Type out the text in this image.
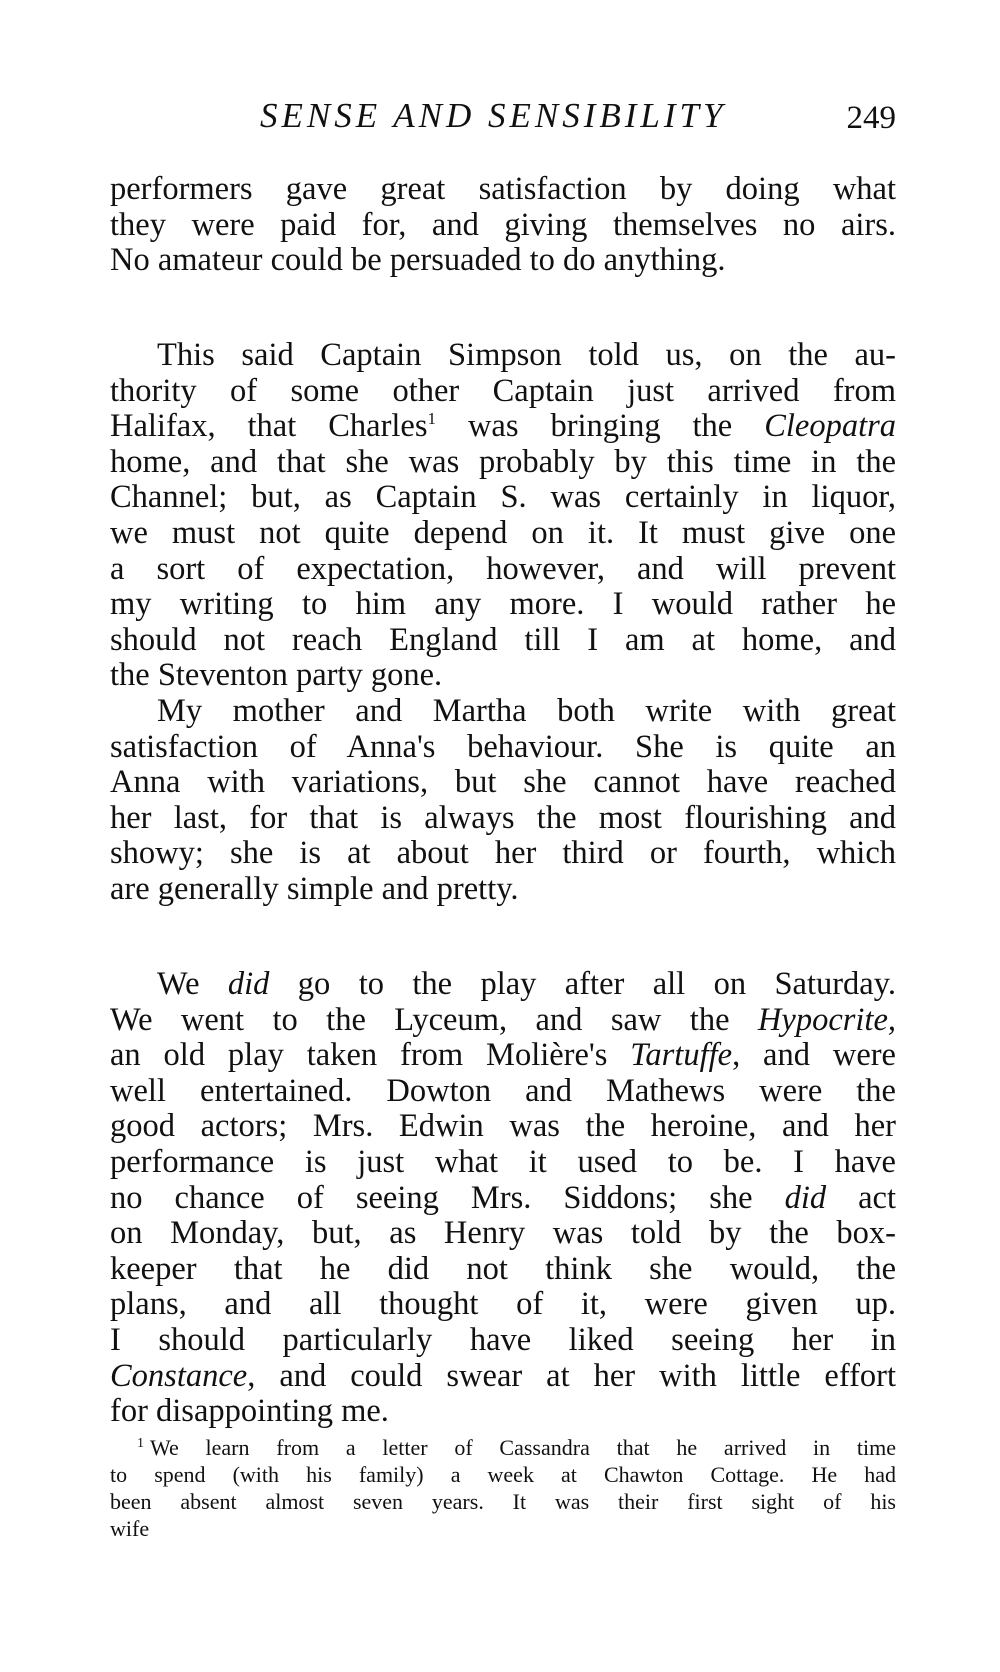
SENSE AND SENSIBILITY	249
performers gave great satisfaction by doing what
they were paid for, and giving themselves no airs.
No amateur could be persuaded to do anything.
This said Captain Simpson told us, on the au-
thority of some other Captain just arrived from
Halifax, that Charles$^1$ was bringing the Cleopatra
home, and that she was probably by this time in the
Channel; but, as Captain S. was certainly in liquor,
we must not quite depend on it. It must give one
a sort of expectation, however, and will prevent
my writing to him any more. I would rather he
should not reach England till I am at home, and
the Steventon party gone.
My mother and Martha both write with great
satisfaction of Anna's behaviour. She is quite an
Anna with variations, but she cannot have reached
her last, for that is always the most flourishing and
showy; she is at about her third or fourth, which
are generally simple and pretty.
We did go to the play after all on Saturday.
We went to the Lyceum, and saw the Hypocrite,
an old play taken from Molière's Tartuffe, and were
well entertained. Dowton and Mathews were the
good actors; Mrs. Edwin was the heroine, and her
performance is just what it used to be. I have
no chance of seeing Mrs. Siddons; she did act
on Monday, but, as Henry was told by the box-
keeper that he did not think she would, the
plans, and all thought of it, were given up.
I should particularly have liked seeing her in
Constance, and could swear at her with little effort
for disappointing me.
$^1$ We learn from a letter of Cassandra that he arrived in time
to spend (with his family) a week at Chawton Cottage. He had
been absent almost seven years. It was their first sight of his
wife
